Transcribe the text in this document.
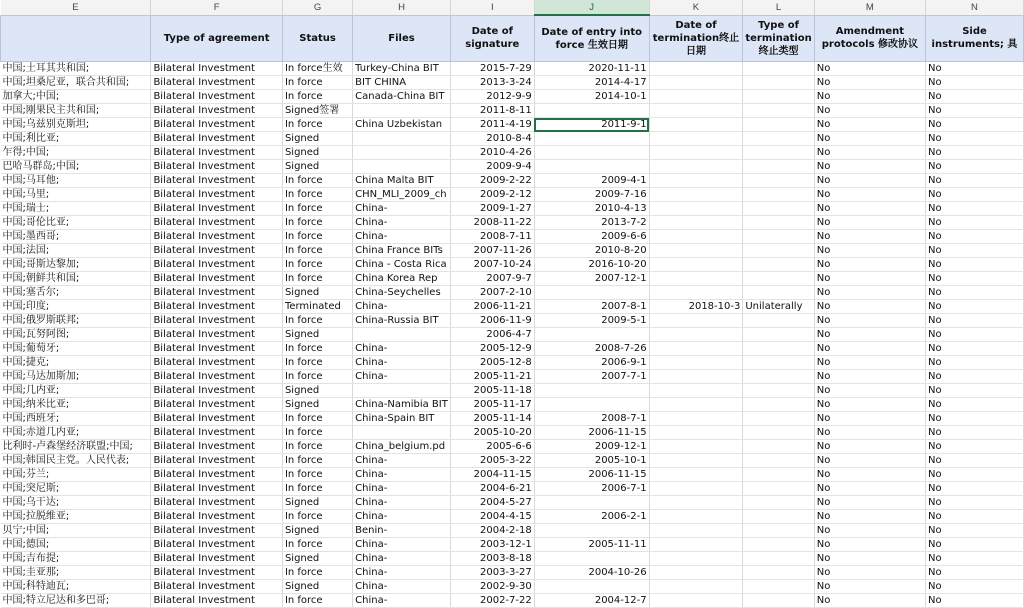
E	F	G	H	I	J	K	L	M	N
	Type of agreement	Status	Files	Date of signature	Date of entry into force 生效日期	Date of termination终止日期	Type of termination 终止类型	Amendment protocols 修改协议	Side instruments; 具
中国;土耳其共和国;	Bilateral Investment	In force生效	Turkey-China BIT	2015-7-29	2020-11-11			No	No
中国;坦桑尼亚，联合共和国;	Bilateral Investment	In force	BIT CHINA	2013-3-24	2014-4-17			No	No
加拿大;中国;	Bilateral Investment	In force	Canada-China BIT	2012-9-9	2014-10-1			No	No
中国;刚果民主共和国;	Bilateral Investment	Signed签署		2011-8-11				No	No
中国;乌兹别克斯坦;	Bilateral Investment	In force	China Uzbekistan	2011-4-19	2011-9-1			No	No
中国;利比亚;	Bilateral Investment	Signed		2010-8-4				No	No
乍得;中国;	Bilateral Investment	Signed		2010-4-26				No	No
巴哈马群岛;中国;	Bilateral Investment	Signed		2009-9-4				No	No
中国;马耳他;	Bilateral Investment	In force	China Malta BIT	2009-2-22	2009-4-1			No	No
中国;马里;	Bilateral Investment	In force	CHN_MLI_2009_ch	2009-2-12	2009-7-16			No	No
中国;瑞士;	Bilateral Investment	In force	China-	2009-1-27	2010-4-13			No	No
中国;哥伦比亚;	Bilateral Investment	In force	China-	2008-11-22	2013-7-2			No	No
中国;墨西哥;	Bilateral Investment	In force	China-	2008-7-11	2009-6-6			No	No
中国;法国;	Bilateral Investment	In force	China France BITs	2007-11-26	2010-8-20			No	No
中国;哥斯达黎加;	Bilateral Investment	In force	China - Costa Rica	2007-10-24	2016-10-20			No	No
中国;朝鲜共和国;	Bilateral Investment	In force	China Korea Rep	2007-9-7	2007-12-1			No	No
中国;塞舌尔;	Bilateral Investment	Signed	China-Seychelles	2007-2-10				No	No
中国;印度;	Bilateral Investment	Terminated	China-	2006-11-21	2007-8-1	2018-10-3	Unilaterally	No	No
中国;俄罗斯联邦;	Bilateral Investment	In force	China-Russia BIT	2006-11-9	2009-5-1			No	No
中国;瓦努阿图;	Bilateral Investment	Signed		2006-4-7				No	No
中国;葡萄牙;	Bilateral Investment	In force	China-	2005-12-9	2008-7-26			No	No
中国;捷克;	Bilateral Investment	In force	China-	2005-12-8	2006-9-1			No	No
中国;马达加斯加;	Bilateral Investment	In force	China-	2005-11-21	2007-7-1			No	No
中国;几内亚;	Bilateral Investment	Signed		2005-11-18				No	No
中国;纳米比亚;	Bilateral Investment	Signed	China-Namibia BIT	2005-11-17				No	No
中国;西班牙;	Bilateral Investment	In force	China-Spain BIT	2005-11-14	2008-7-1			No	No
中国;赤道几内亚;	Bilateral Investment	In force		2005-10-20	2006-11-15			No	No
比利时-卢森堡经济联盟;中国;	Bilateral Investment	In force	China_belgium.pd	2005-6-6	2009-12-1			No	No
中国;韩国民主党。人民代表;	Bilateral Investment	In force	China-	2005-3-22	2005-10-1			No	No
中国;芬兰;	Bilateral Investment	In force	China-	2004-11-15	2006-11-15			No	No
中国;突尼斯;	Bilateral Investment	In force	China-	2004-6-21	2006-7-1			No	No
中国;乌干达;	Bilateral Investment	Signed	China-	2004-5-27				No	No
中国;拉脱维亚;	Bilateral Investment	In force	China-	2004-4-15	2006-2-1			No	No
贝宁;中国;	Bilateral Investment	Signed	Benin-	2004-2-18				No	No
中国;德国;	Bilateral Investment	In force	China-	2003-12-1	2005-11-11			No	No
中国;吉布提;	Bilateral Investment	Signed	China-	2003-8-18				No	No
中国;圭亚那;	Bilateral Investment	In force	China-	2003-3-27	2004-10-26			No	No
中国;科特迪瓦;	Bilateral Investment	Signed	China-	2002-9-30				No	No
中国;特立尼达和多巴哥;	Bilateral Investment	In force	China-	2002-7-22	2004-12-7			No	No
